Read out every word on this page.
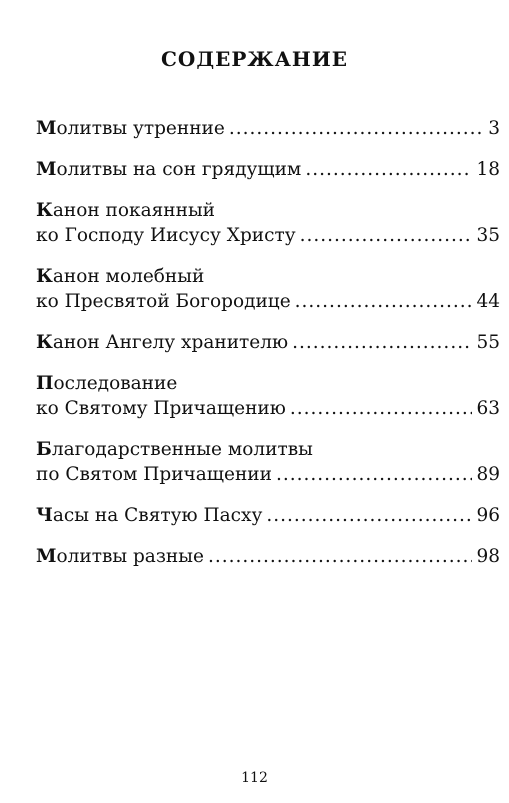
содержание
Молитвы утренние .....	3
Молитвы на сон грядущим .....	18
Канон покаянный
ко Господу Иисусу Христу .....	35
Канон молебный
ко Пресвятой Богородице .....	44
Канон Ангелу хранителю .....	55
Последование
ко Святому Причащению .....	63
Благодарственные молитвы
по Святом Причащении .....	89
Часы на Святую Пасху .....	96
Молитвы разные .....	98
112
